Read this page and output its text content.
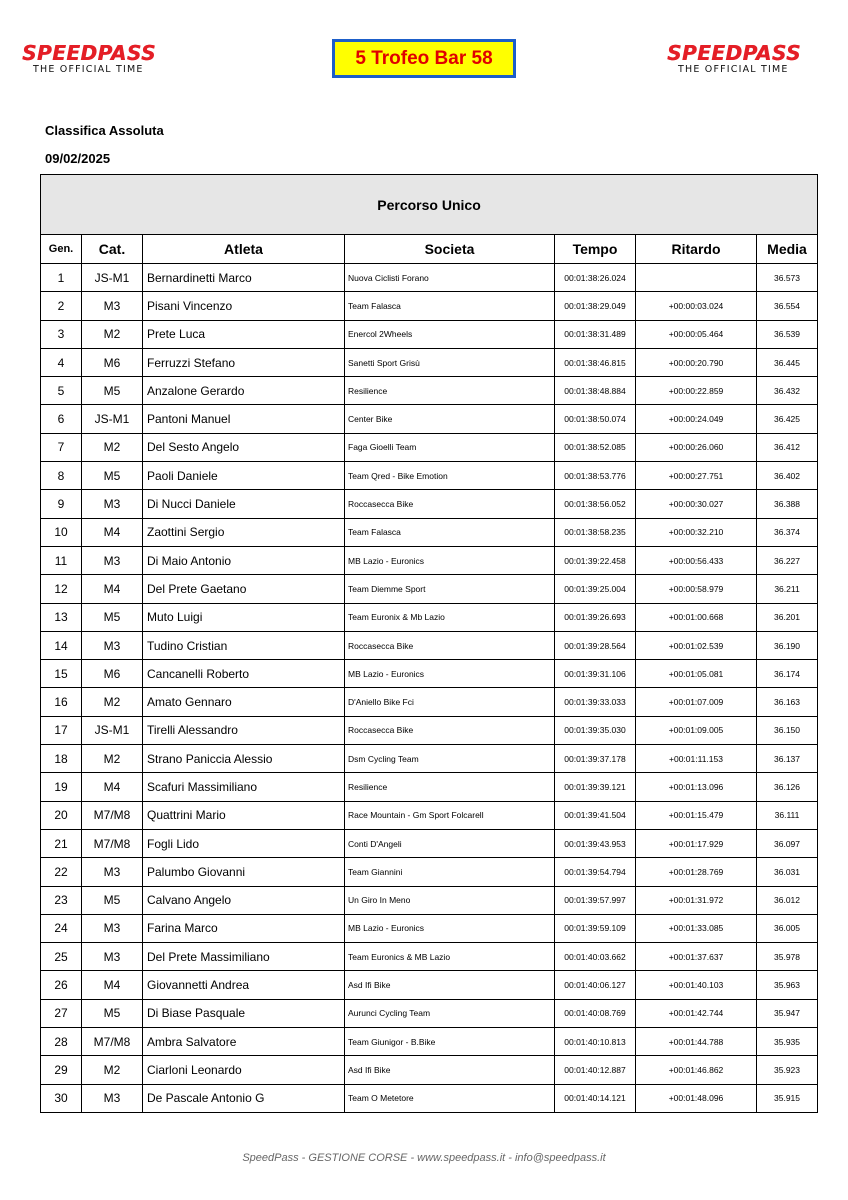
SPEEDPASS
THE OFFICIAL TIME
5 Trofeo Bar 58	SPEEDPASS
THE OFFICIAL TIME
Classifica Assoluta
09/02/2025
Percorso Unico						
Gen.	Cat.	Atleta	Societa	Tempo	Ritardo	Media
1	JS-M1	Bernardinetti Marco	Nuova Ciclisti Forano	00:01:38:26.024		36.573
2	M3	Pisani Vincenzo	Team Falasca	00:01:38:29.049	+00:00:03.024	36.554
3	M2	Prete Luca	Enercol 2Wheels	00:01:38:31.489	+00:00:05.464	36.539
4	M6	Ferruzzi Stefano	Sanetti Sport Grisù	00:01:38:46.815	+00:00:20.790	36.445
5	M5	Anzalone Gerardo	Resilience	00:01:38:48.884	+00:00:22.859	36.432
6	JS-M1	Pantoni Manuel	Center Bike	00:01:38:50.074	+00:00:24.049	36.425
7	M2	Del Sesto Angelo	Faga Gioelli Team	00:01:38:52.085	+00:00:26.060	36.412
8	M5	Paoli Daniele	Team Qred - Bike Emotion	00:01:38:53.776	+00:00:27.751	36.402
9	M3	Di Nucci Daniele	Roccasecca Bike	00:01:38:56.052	+00:00:30.027	36.388
10	M4	Zaottini Sergio	Team Falasca	00:01:38:58.235	+00:00:32.210	36.374
11	M3	Di Maio Antonio	MB Lazio - Euronics	00:01:39:22.458	+00:00:56.433	36.227
12	M4	Del Prete Gaetano	Team Diemme Sport	00:01:39:25.004	+00:00:58.979	36.211
13	M5	Muto Luigi	Team Euronix & Mb Lazio	00:01:39:26.693	+00:01:00.668	36.201
14	M3	Tudino Cristian	Roccasecca Bike	00:01:39:28.564	+00:01:02.539	36.190
15	M6	Cancanelli Roberto	MB Lazio - Euronics	00:01:39:31.106	+00:01:05.081	36.174
16	M2	Amato Gennaro	D'Aniello Bike Fci	00:01:39:33.033	+00:01:07.009	36.163
17	JS-M1	Tirelli Alessandro	Roccasecca Bike	00:01:39:35.030	+00:01:09.005	36.150
18	M2	Strano Paniccia Alessio	Dsm Cycling Team	00:01:39:37.178	+00:01:11.153	36.137
19	M4	Scafuri Massimiliano	Resilience	00:01:39:39.121	+00:01:13.096	36.126
20	M7/M8	Quattrini Mario	Race Mountain - Gm Sport Folcarell	00:01:39:41.504	+00:01:15.479	36.111
21	M7/M8	Fogli Lido	Conti D'Angeli	00:01:39:43.953	+00:01:17.929	36.097
22	M3	Palumbo Giovanni	Team Giannini	00:01:39:54.794	+00:01:28.769	36.031
23	M5	Calvano Angelo	Un Giro In Meno	00:01:39:57.997	+00:01:31.972	36.012
24	M3	Farina Marco	MB Lazio - Euronics	00:01:39:59.109	+00:01:33.085	36.005
25	M3	Del Prete Massimiliano	Team Euronics & MB Lazio	00:01:40:03.662	+00:01:37.637	35.978
26	M4	Giovannetti Andrea	Asd Ifi Bike	00:01:40:06.127	+00:01:40.103	35.963
27	M5	Di Biase Pasquale	Aurunci Cycling Team	00:01:40:08.769	+00:01:42.744	35.947
28	M7/M8	Ambra Salvatore	Team Giunigor - B.Bike	00:01:40:10.813	+00:01:44.788	35.935
29	M2	Ciarloni Leonardo	Asd Ifi Bike	00:01:40:12.887	+00:01:46.862	35.923
30	M3	De Pascale Antonio G	Team O Metetore	00:01:40:14.121	+00:01:48.096	35.915
SpeedPass - GESTIONE CORSE - www.speedpass.it - info@speedpass.it
